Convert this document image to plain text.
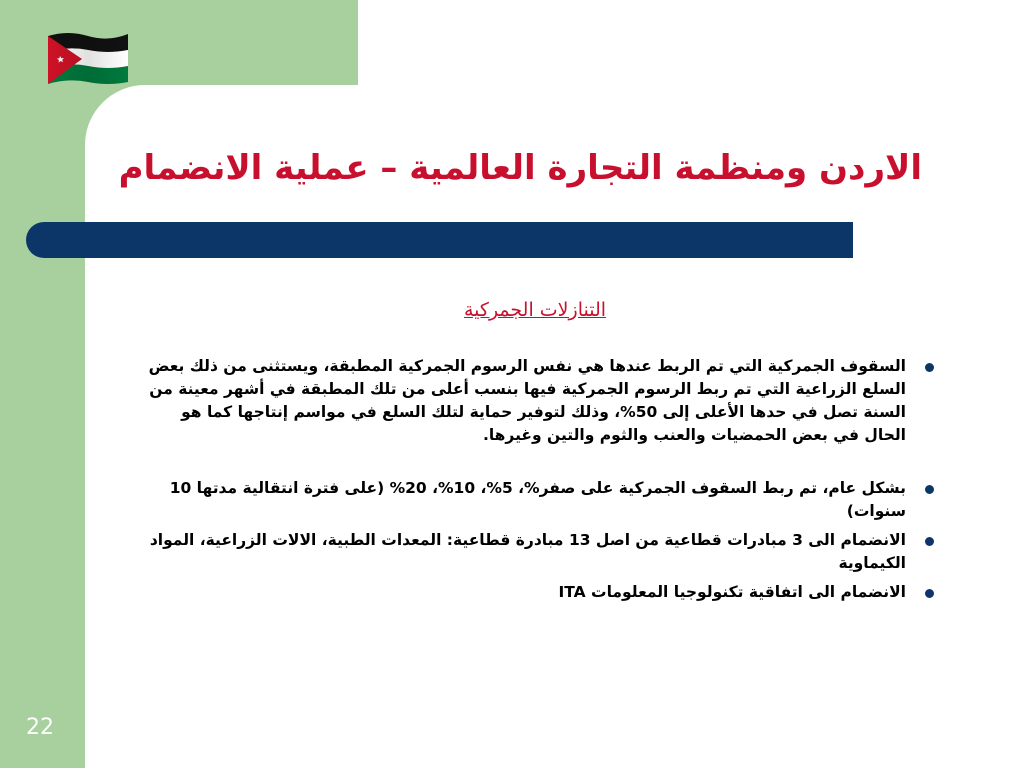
الاردن ومنظمة التجارة العالمية – عملية الانضمام
التنازلات الجمركية
السقوف الجمركية التي تم الربط عندها هي نفس الرسوم الجمركية المطبقة، ويستثنى من ذلك بعض السلع الزراعية التي تم ربط الرسوم الجمركية فيها بنسب أعلى من تلك المطبقة في أشهر معينة من السنة تصل في حدها الأعلى إلى 50%، وذلك لتوفير حماية لتلك السلع في مواسم إنتاجها كما هو الحال في بعض الحمضيات والعنب والثوم والتين وغيرها.
بشكل عام، تم ربط السقوف الجمركية على صفر%، 5%، 10%، 20% (على فترة انتقالية مدتها 10 سنوات)
الانضمام الى 3 مبادرات قطاعية من اصل 13 مبادرة قطاعية: المعدات الطبية، الالات الزراعية، المواد الكيماوية
الانضمام الى اتفاقية تكنولوجيا المعلومات ITA
22
